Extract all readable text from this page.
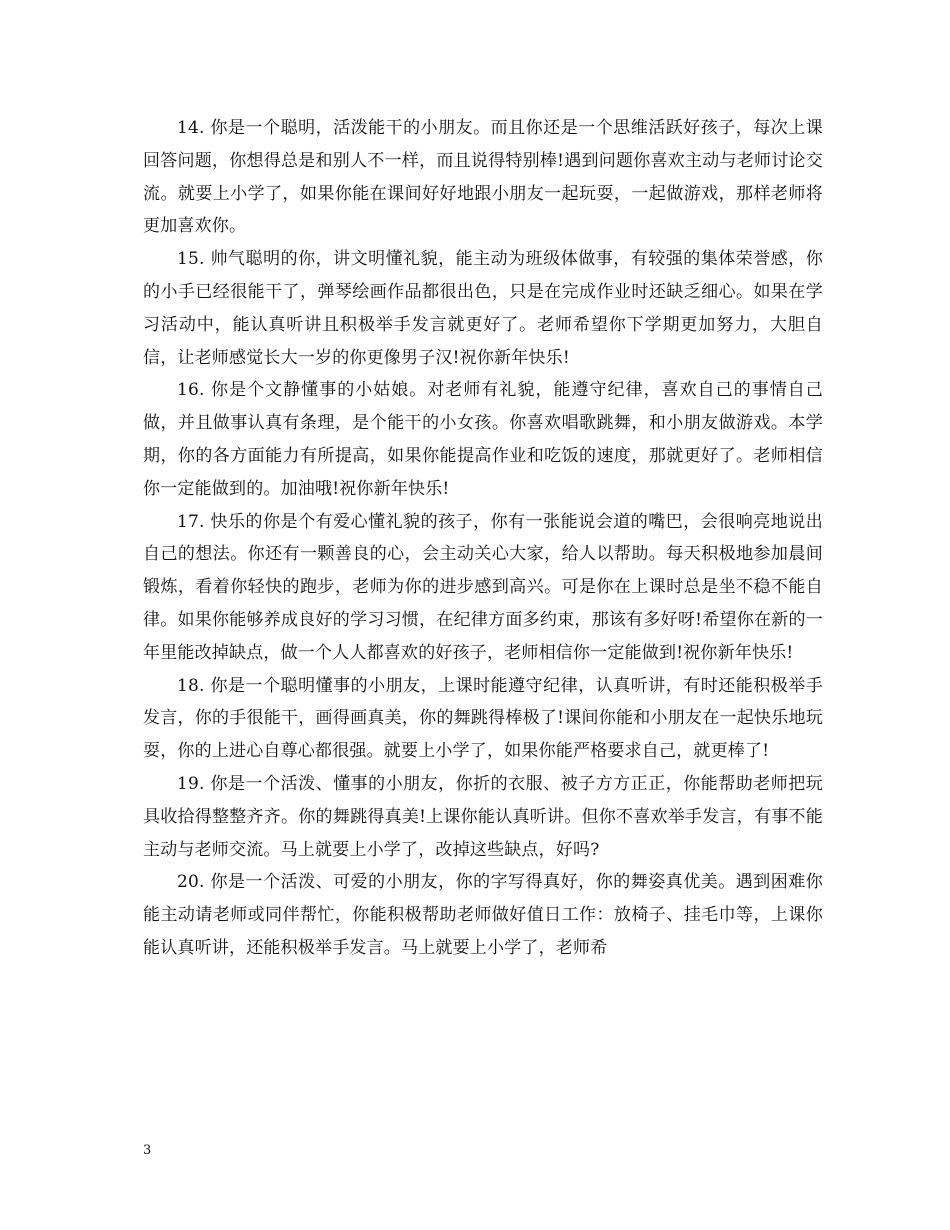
14. 你是一个聪明，活泼能干的小朋友。而且你还是一个思维活跃好孩子，每次上课回答问题，你想得总是和别人不一样，而且说得特别棒!遇到问题你喜欢主动与老师讨论交流。就要上小学了，如果你能在课间好好地跟小朋友一起玩耍，一起做游戏，那样老师将更加喜欢你。

15. 帅气聪明的你，讲文明懂礼貌，能主动为班级体做事，有较强的集体荣誉感，你的小手已经很能干了，弹琴绘画作品都很出色，只是在完成作业时还缺乏细心。如果在学习活动中，能认真听讲且积极举手发言就更好了。老师希望你下学期更加努力，大胆自信，让老师感觉长大一岁的你更像男子汉!祝你新年快乐!

16. 你是个文静懂事的小姑娘。对老师有礼貌，能遵守纪律，喜欢自己的事情自己做，并且做事认真有条理，是个能干的小女孩。你喜欢唱歌跳舞，和小朋友做游戏。本学期，你的各方面能力有所提高，如果你能提高作业和吃饭的速度，那就更好了。老师相信你一定能做到的。加油哦!祝你新年快乐!

17. 快乐的你是个有爱心懂礼貌的孩子，你有一张能说会道的嘴巴，会很响亮地说出自己的想法。你还有一颗善良的心，会主动关心大家，给人以帮助。每天积极地参加晨间锻炼，看着你轻快的跑步，老师为你的进步感到高兴。可是你在上课时总是坐不稳不能自律。如果你能够养成良好的学习习惯，在纪律方面多约束，那该有多好呀!希望你在新的一年里能改掉缺点，做一个人人都喜欢的好孩子，老师相信你一定能做到!祝你新年快乐!

18. 你是一个聪明懂事的小朋友，上课时能遵守纪律，认真听讲，有时还能积极举手发言，你的手很能干，画得画真美，你的舞跳得棒极了!课间你能和小朋友在一起快乐地玩耍，你的上进心自尊心都很强。就要上小学了，如果你能严格要求自己，就更棒了!

19. 你是一个活泼、懂事的小朋友，你折的衣服、被子方方正正，你能帮助老师把玩具收拾得整整齐齐。你的舞跳得真美!上课你能认真听讲。但你不喜欢举手发言，有事不能主动与老师交流。马上就要上小学了，改掉这些缺点，好吗?

20. 你是一个活泼、可爱的小朋友，你的字写得真好，你的舞姿真优美。遇到困难你能主动请老师或同伴帮忙，你能积极帮助老师做好值日工作：放椅子、挂毛巾等，上课你能认真听讲，还能积极举手发言。马上就要上小学了，老师希

3
